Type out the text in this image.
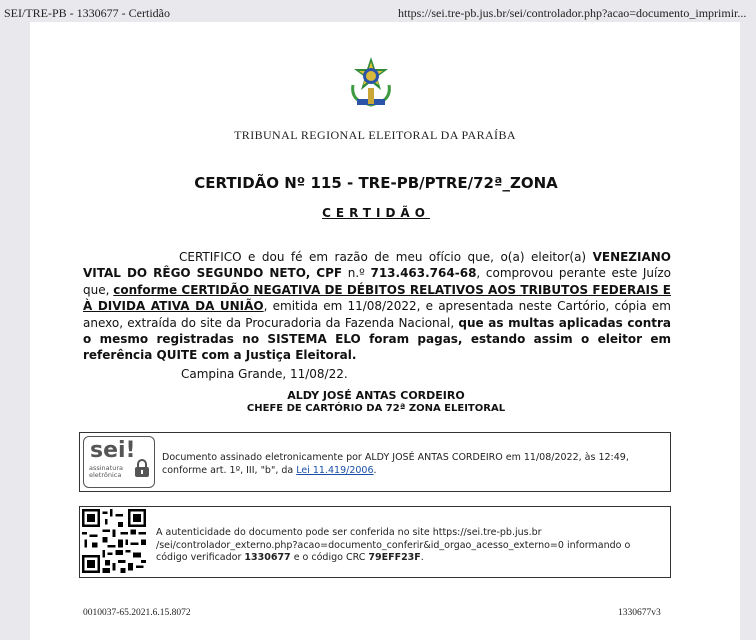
SEI/TRE-PB - 1330677 - Certidão	https://sei.tre-pb.jus.br/sei/controlador.php?acao=documento_imprimir...
TRIBUNAL REGIONAL ELEITORAL DA PARAÍBA
CERTIDÃO Nº 115 - TRE-PB/PTRE/72ª_ZONA
CERTIDÃO
CERTIFICO e dou fé em razão de meu ofício que, o(a) eleitor(a) VENEZIANO VITAL DO RÊGO SEGUNDO NETO, CPF n.º 713.463.764-68, comprovou perante este Juízo que, conforme CERTIDÃO NEGATIVA DE DÉBITOS RELATIVOS AOS TRIBUTOS FEDERAIS E À DIVIDA ATIVA DA UNIÃO, emitida em 11/08/2022, e apresentada neste Cartório, cópia em anexo, extraída do site da Procuradoria da Fazenda Nacional, que as multas aplicadas contra o mesmo registradas no SISTEMA ELO foram pagas, estando assim o eleitor em referência QUITE com a Justiça Eleitoral.
Campina Grande, 11/08/22.
ALDY JOSÉ ANTAS CORDEIRO
CHEFE DE CARTÓRIO DA 72ª ZONA ELEITORAL
sei!
assinatura
eletrônica
Documento assinado eletronicamente por ALDY JOSÉ ANTAS CORDEIRO em 11/08/2022, às 12:49, conforme art. 1º, III, "b", da Lei 11.419/2006.
A autenticidade do documento pode ser conferida no site https://sei.tre-pb.jus.br /sei/controlador_externo.php?acao=documento_conferir&id_orgao_acesso_externo=0 informando o código verificador 1330677 e o código CRC 79EFF23F.
0010037-65.2021.6.15.8072	1330677v3
